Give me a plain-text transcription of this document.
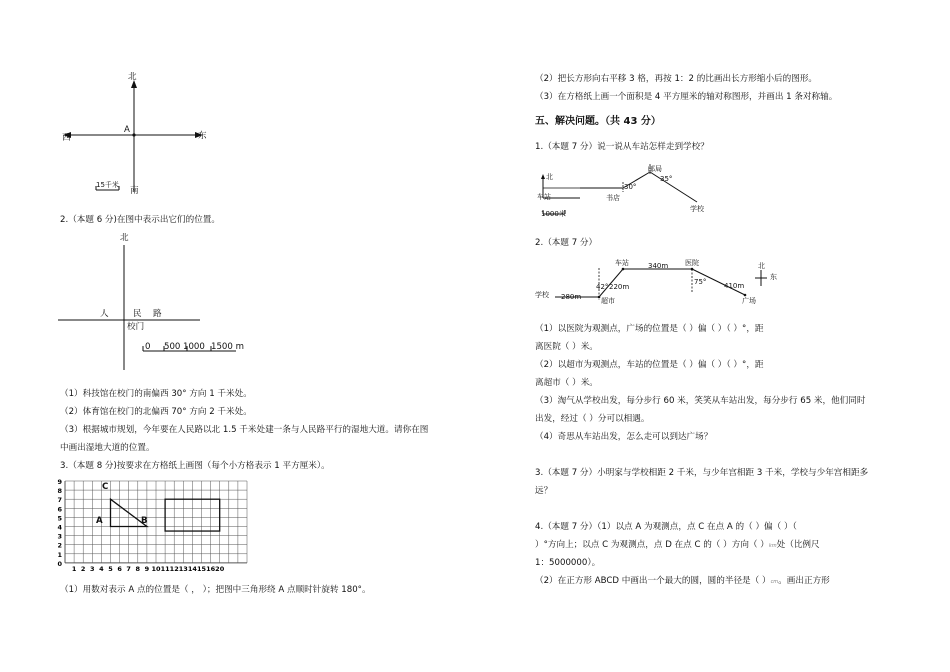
北
西	东
A
南
15千米
2.（本题 6 分)在图中表示出它们的位置。
北
人	民 路
校门
0 500 1000 1500 m
（1）科技馆在校门的南偏西 30° 方向 1 千米处。
（2）体育馆在校门的北偏西 70° 方向 2 千米处。
（3）根据城市规划，今年要在人民路以北 1.5 千米处建一条与人民路平行的湿地大道。请你在图
中画出湿地大道的位置。
3.（本题 8 分)按要求在方格纸上画图（每个小方格表示 1 平方厘米）。
9
8
7
6
5
4
3
2
1
0
1 2 3 4 5 6 7 8 9 10 11 12 13 14 15 16 20
C
A	B
（1）用数对表示 A 点的位置是（ ， ）；把图中三角形绕 A 点顺时针旋转 180°。
（2）把长方形向右平移 3 格，再按 1：2 的比画出长方形缩小后的图形。
（3）在方格纸上画一个面积是 4 平方厘米的轴对称图形，并画出 1 条对称轴。
五、解决问题。（共 43 分）
1.（本题 7 分）说一说从车站怎样走到学校？
北
车站	书店
30°
邮局
35°
学校
1000米
2.（本题 7 分）
学校 280m
42° 220m
超市
车站	340m 医院
75°	410m
广场
北
东
（1）以医院为观测点，广场的位置是（ ）偏（ ）（ ）°，距
离医院（ ）米。
（2）以超市为观测点，车站的位置是（ ）偏（ ）（ ）°，距
离超市（ ）米。
（3）淘气从学校出发，每分步行 60 米，笑笑从车站出发，每分步行 65 米，他们同时
出发，经过（ ）分可以相遇。
（4）奇思从车站出发，怎么走可以到达广场？
3.（本题 7 分）小明家与学校相距 2 千米，与少年宫相距 3 千米，学校与少年宫相距多
远？
4.（本题 7 分）（1）以点 A 为观测点，点 C 在点 A 的（ ）偏（ ）（
）°方向上；以点 C 为观测点，点 D 在点 C 的（ ）方向（ ）km处（比例尺
1：5000000）。
（2）在正方形 ABCD 中画出一个最大的圆，圆的半径是（ ）cm。画出正方形
